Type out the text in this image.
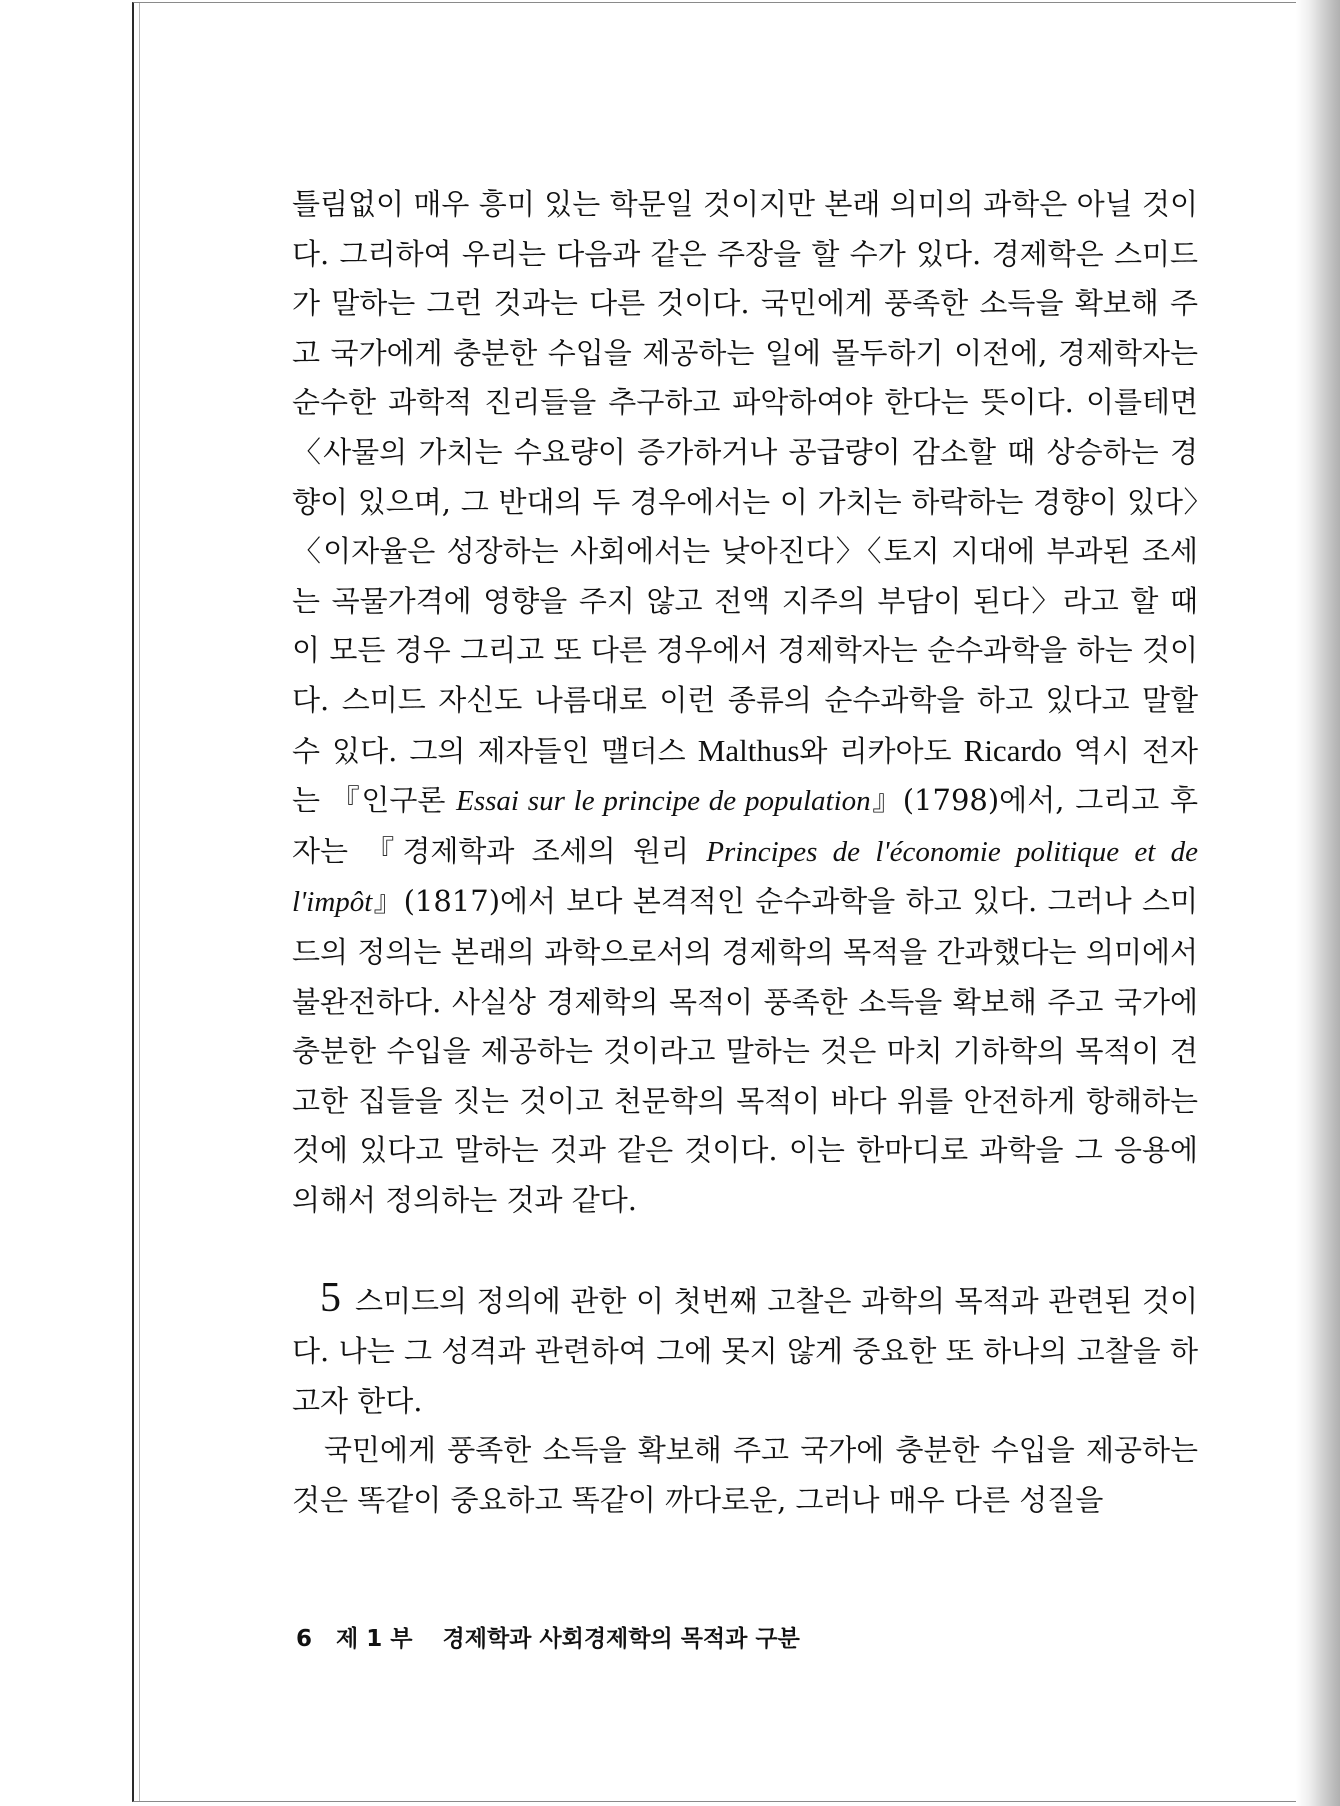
틀림없이 매우 흥미 있는 학문일 것이지만 본래 의미의 과학은 아닐 것이다. 그리하여 우리는 다음과 같은 주장을 할 수가 있다. 경제학은 스미드가 말하는 그런 것과는 다른 것이다. 국민에게 풍족한 소득을 확보해 주고 국가에게 충분한 수입을 제공하는 일에 몰두하기 이전에, 경제학자는 순수한 과학적 진리들을 추구하고 파악하여야 한다는 뜻이다. 이를테면 〈사물의 가치는 수요량이 증가하거나 공급량이 감소할 때 상승하는 경향이 있으며, 그 반대의 두 경우에서는 이 가치는 하락하는 경향이 있다〉〈이자율은 성장하는 사회에서는 낮아진다〉〈토지 지대에 부과된 조세는 곡물가격에 영향을 주지 않고 전액 지주의 부담이 된다〉라고 할 때 이 모든 경우 그리고 또 다른 경우에서 경제학자는 순수과학을 하는 것이다. 스미드 자신도 나름대로 이런 종류의 순수과학을 하고 있다고 말할 수 있다. 그의 제자들인 맬더스 Malthus와 리카아도 Ricardo 역시 전자는 『인구론 Essai sur le principe de population』(1798)에서, 그리고 후자는 『경제학과 조세의 원리 Principes de l'économie politique et de l'impôt』(1817)에서 보다 본격적인 순수과학을 하고 있다. 그러나 스미드의 정의는 본래의 과학으로서의 경제학의 목적을 간과했다는 의미에서 불완전하다. 사실상 경제학의 목적이 풍족한 소득을 확보해 주고 국가에 충분한 수입을 제공하는 것이라고 말하는 것은 마치 기하학의 목적이 견고한 집들을 짓는 것이고 천문학의 목적이 바다 위를 안전하게 항해하는 것에 있다고 말하는 것과 같은 것이다. 이는 한마디로 과학을 그 응용에 의해서 정의하는 것과 같다.

5 스미드의 정의에 관한 이 첫번째 고찰은 과학의 목적과 관련된 것이다. 나는 그 성격과 관련하여 그에 못지 않게 중요한 또 하나의 고찰을 하고자 한다.

국민에게 풍족한 소득을 확보해 주고 국가에 충분한 수입을 제공하는 것은 똑같이 중요하고 똑같이 까다로운, 그러나 매우 다른 성질을

6 제 1 부 경제학과 사회경제학의 목적과 구분
